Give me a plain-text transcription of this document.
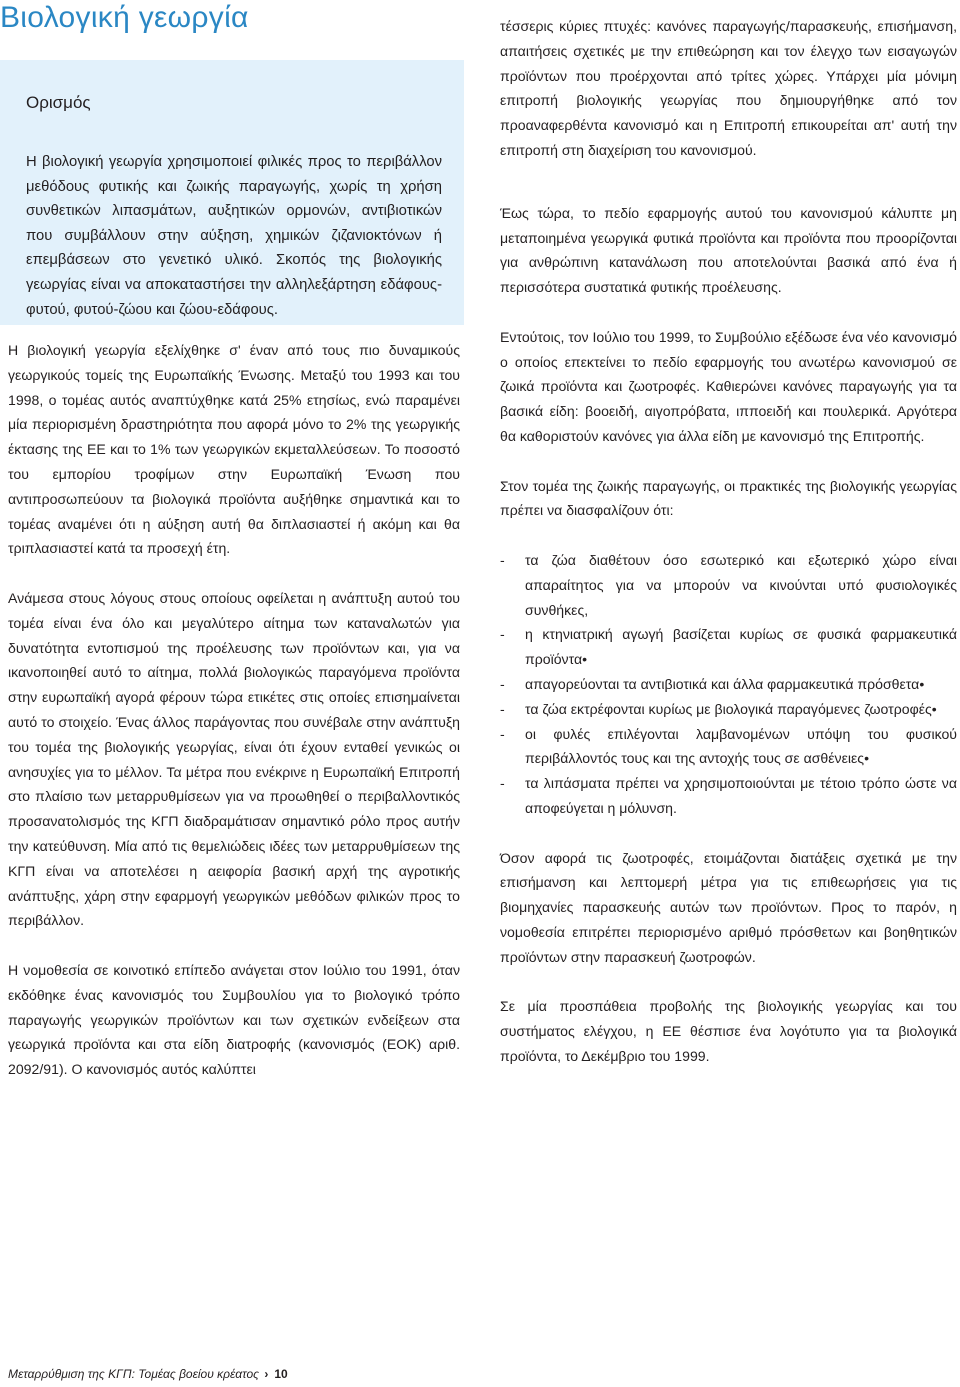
Βιολογική γεωργία
Ορισμός

Η βιολογική γεωργία χρησιμοποιεί φιλικές προς το περιβάλλον μεθόδους φυτικής και ζωικής παραγωγής, χωρίς τη χρήση συνθετικών λιπασμάτων, αυξητικών ορμονών, αντιβιοτικών που συμβάλλουν στην αύξηση, χημικών ζιζανιοκτόνων ή επεμβάσεων στο γενετικό υλικό. Σκοπός της βιολογικής γεωργίας είναι να αποκαταστήσει την αλληλεξάρτηση εδάφους-φυτού, φυτού-ζώου και ζώου-εδάφους.

Η βιολογική γεωργία εξελίχθηκε σ' έναν από τους πιο δυναμικούς γεωργικούς τομείς της Ευρωπαϊκής Ένωσης. Μεταξύ του 1993 και του 1998, ο τομέας αυτός αναπτύχθηκε κατά 25% ετησίως, ενώ παραμένει μία περιορισμένη δραστηριότητα που αφορά μόνο το 2% της γεωργικής έκτασης της ΕΕ και το 1% των γεωργικών εκμεταλλεύσεων. Το ποσοστό του εμπορίου τροφίμων στην Ευρωπαϊκή Ένωση που αντιπροσωπεύουν τα βιολογικά προϊόντα αυξήθηκε σημαντικά και το τομέας αναμένει ότι η αύξηση αυτή θα διπλασιαστεί ή ακόμη και θα τριπλασιαστεί κατά τα προσεχή έτη.

Ανάμεσα στους λόγους στους οποίους οφείλεται η ανάπτυξη αυτού του τομέα είναι ένα όλο και μεγαλύτερο αίτημα των καταναλωτών για δυνατότητα εντοπισμού της προέλευσης των προϊόντων και, για να ικανοποιηθεί αυτό το αίτημα, πολλά βιολογικώς παραγόμενα προϊόντα στην ευρωπαϊκή αγορά φέρουν τώρα ετικέτες στις οποίες επισημαίνεται αυτό το στοιχείο. Ένας άλλος παράγοντας που συνέβαλε στην ανάπτυξη του τομέα της βιολογικής γεωργίας, είναι ότι έχουν ενταθεί γενικώς οι ανησυχίες για το μέλλον. Τα μέτρα που ενέκρινε η Ευρωπαϊκή Επιτροπή στο πλαίσιο των μεταρρυθμίσεων για να προωθηθεί ο περιβαλλοντικός προσανατολισμός της ΚΓΠ διαδραμάτισαν σημαντικό ρόλο προς αυτήν την κατεύθυνση. Μία από τις θεμελιώδεις ιδέες των μεταρρυθμίσεων της ΚΓΠ είναι να αποτελέσει η αειφορία βασική αρχή της αγροτικής ανάπτυξης, χάρη στην εφαρμογή γεωργικών μεθόδων φιλικών προς το περιβάλλον.

Η νομοθεσία σε κοινοτικό επίπεδο ανάγεται στον Ιούλιο του 1991, όταν εκδόθηκε ένας κανονισμός του Συμβουλίου για το βιολογικό τρόπο παραγωγής γεωργικών προϊόντων και των σχετικών ενδείξεων στα γεωργικά προϊόντα και στα είδη διατροφής (κανονισμός (ΕΟΚ) αριθ. 2092/91). Ο κανονισμός αυτός καλύπτει

τέσσερις κύριες πτυχές: κανόνες παραγωγής/παρασκευής, επισήμανση, απαιτήσεις σχετικές με την επιθεώρηση και τον έλεγχο των εισαγωγών προϊόντων που προέρχονται από τρίτες χώρες. Υπάρχει μία μόνιμη επιτροπή βιολογικής γεωργίας που δημιουργήθηκε από τον προαναφερθέντα κανονισμό και η Επιτροπή επικουρείται απ' αυτή την επιτροπή στη διαχείριση του κανονισμού.

Έως τώρα, το πεδίο εφαρμογής αυτού του κανονισμού κάλυπτε μη μεταποιημένα γεωργικά φυτικά προϊόντα και προϊόντα που προορίζονται για ανθρώπινη κατανάλωση που αποτελούνται βασικά από ένα ή περισσότερα συστατικά φυτικής προέλευσης.

Εντούτοις, τον Ιούλιο του 1999, το Συμβούλιο εξέδωσε ένα νέο κανονισμό ο οποίος επεκτείνει το πεδίο εφαρμογής του ανωτέρω κανονισμού σε ζωικά προϊόντα και ζωοτροφές. Καθιερώνει κανόνες παραγωγής για τα βασικά είδη: βοοειδή, αιγοπρόβατα, ιπποειδή και πουλερικά. Αργότερα θα καθοριστούν κανόνες για άλλα είδη με κανονισμό της Επιτροπής.

Στον τομέα της ζωικής παραγωγής, οι πρακτικές της βιολογικής γεωργίας πρέπει να διασφαλίζουν ότι:

- τα ζώα διαθέτουν όσο εσωτερικό και εξωτερικό χώρο είναι απαραίτητος για να μπορούν να κινούνται υπό φυσιολογικές συνθήκες,
- η κτηνιατρική αγωγή βασίζεται κυρίως σε φυσικά φαρμακευτικά προϊόντα•
- απαγορεύονται τα αντιβιοτικά και άλλα φαρμακευτικά πρόσθετα•
- τα ζώα εκτρέφονται κυρίως με βιολογικά παραγόμενες ζωοτροφές•
- οι φυλές επιλέγονται λαμβανομένων υπόψη του φυσικού περιβάλλοντός τους και της αντοχής τους σε ασθένειες•
- τα λιπάσματα πρέπει να χρησιμοποιούνται με τέτοιο τρόπο ώστε να αποφεύγεται η μόλυνση.

Όσον αφορά τις ζωοτροφές, ετοιμάζονται διατάξεις σχετικά με την επισήμανση και λεπτομερή μέτρα για τις επιθεωρήσεις για τις βιομηχανίες παρασκευής αυτών των προϊόντων. Προς το παρόν, η νομοθεσία επιτρέπει περιορισμένο αριθμό πρόσθετων και βοηθητικών προϊόντων στην παρασκευή ζωοτροφών.

Σε μία προσπάθεια προβολής της βιολογικής γεωργίας και του συστήματος ελέγχου, η ΕΕ θέσπισε ένα λογότυπο για τα βιολογικά προϊόντα, το Δεκέμβριο του 1999.

Μεταρρύθμιση της ΚΓΠ: Τομέας βοείου κρέατος › 10
